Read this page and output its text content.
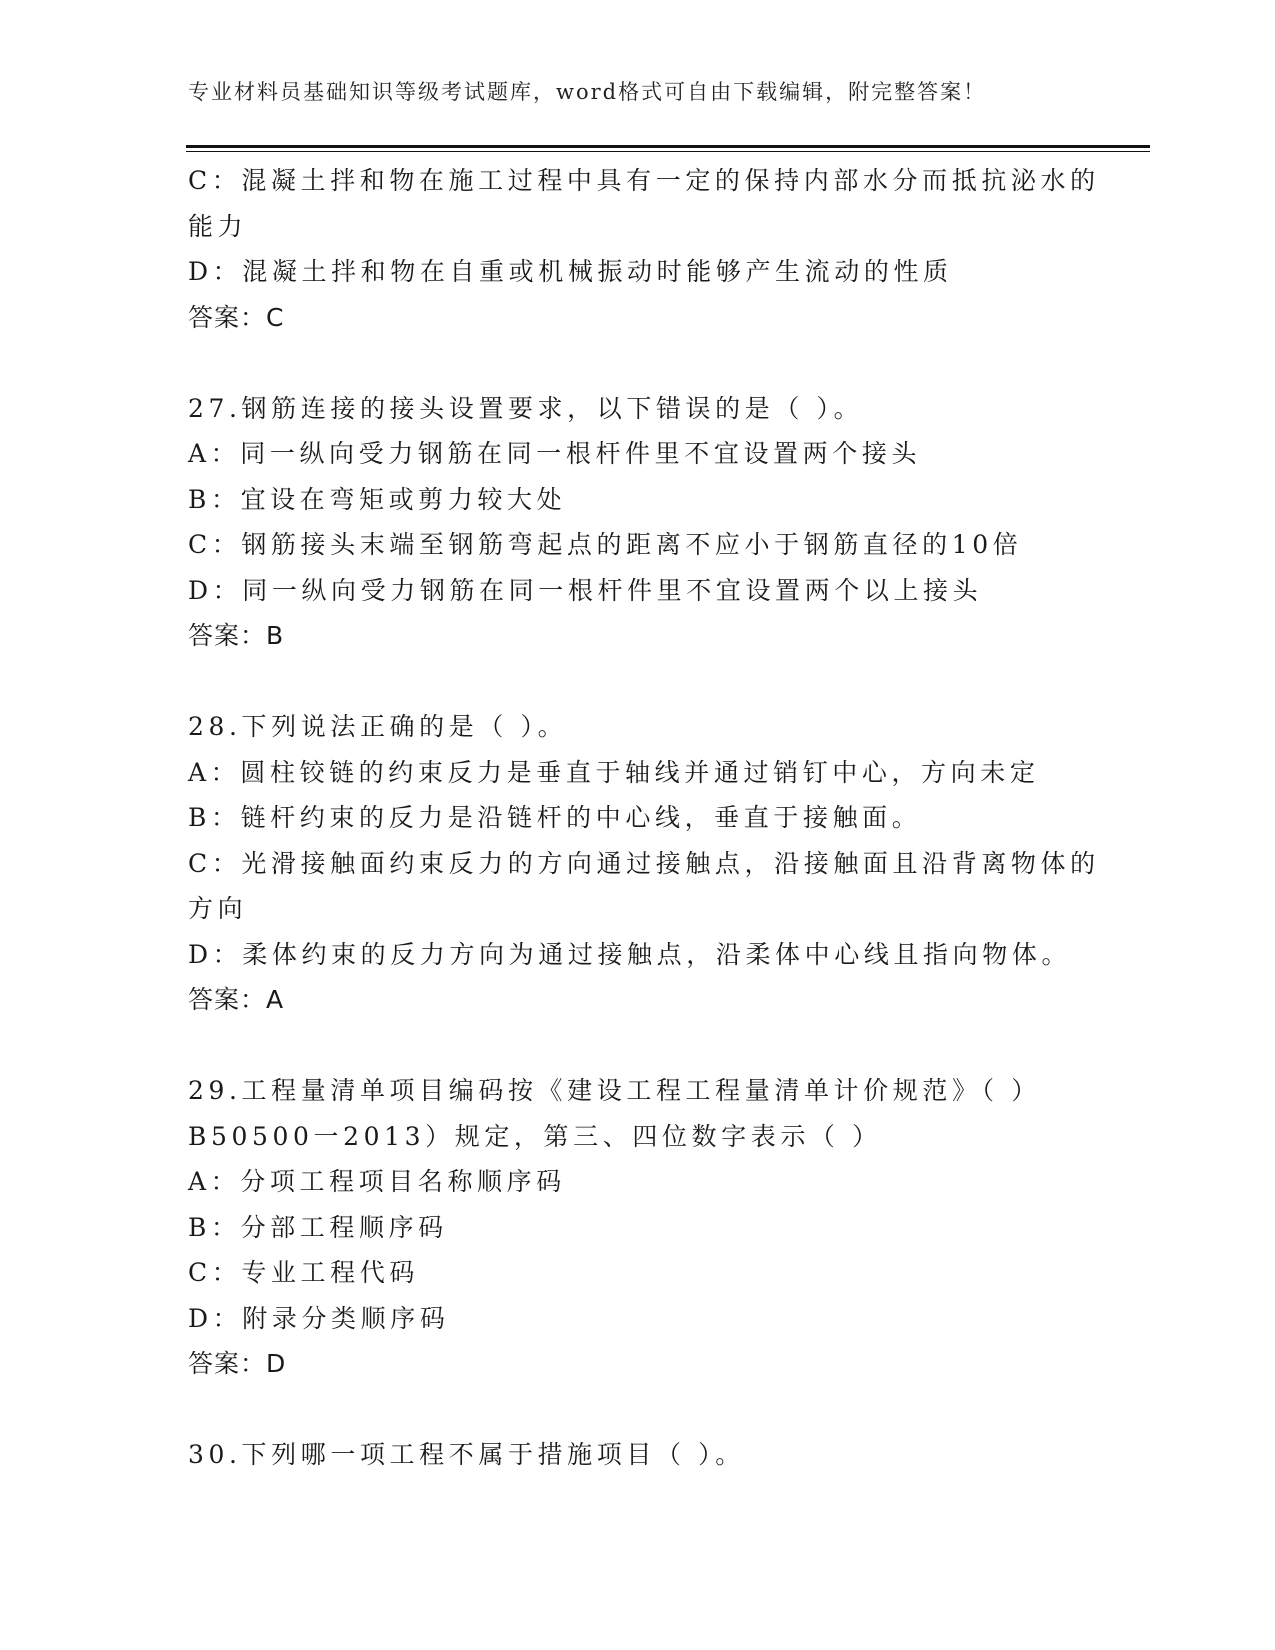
专业材料员基础知识等级考试题库，word格式可自由下载编辑，附完整答案！
C：混凝土拌和物在施工过程中具有一定的保持内部水分而抵抗泌水的
能力
D：混凝土拌和物在自重或机械振动时能够产生流动的性质
答案：C
27.钢筋连接的接头设置要求，以下错误的是（ ）。
A：同一纵向受力钢筋在同一根杆件里不宜设置两个接头
B：宜设在弯矩或剪力较大处
C：钢筋接头末端至钢筋弯起点的距离不应小于钢筋直径的10倍
D：同一纵向受力钢筋在同一根杆件里不宜设置两个以上接头
答案：B
28.下列说法正确的是（ ）。
A：圆柱铰链的约束反力是垂直于轴线并通过销钉中心，方向未定
B：链杆约束的反力是沿链杆的中心线，垂直于接触面。
C：光滑接触面约束反力的方向通过接触点，沿接触面且沿背离物体的
方向
D：柔体约束的反力方向为通过接触点，沿柔体中心线且指向物体。
答案：A
29.工程量清单项目编码按《建设工程工程量清单计价规范》（ ）
B50500一2013）规定，第三、四位数字表示（ ）
A：分项工程项目名称顺序码
B：分部工程顺序码
C：专业工程代码
D：附录分类顺序码
答案：D
30.下列哪一项工程不属于措施项目（ ）。
